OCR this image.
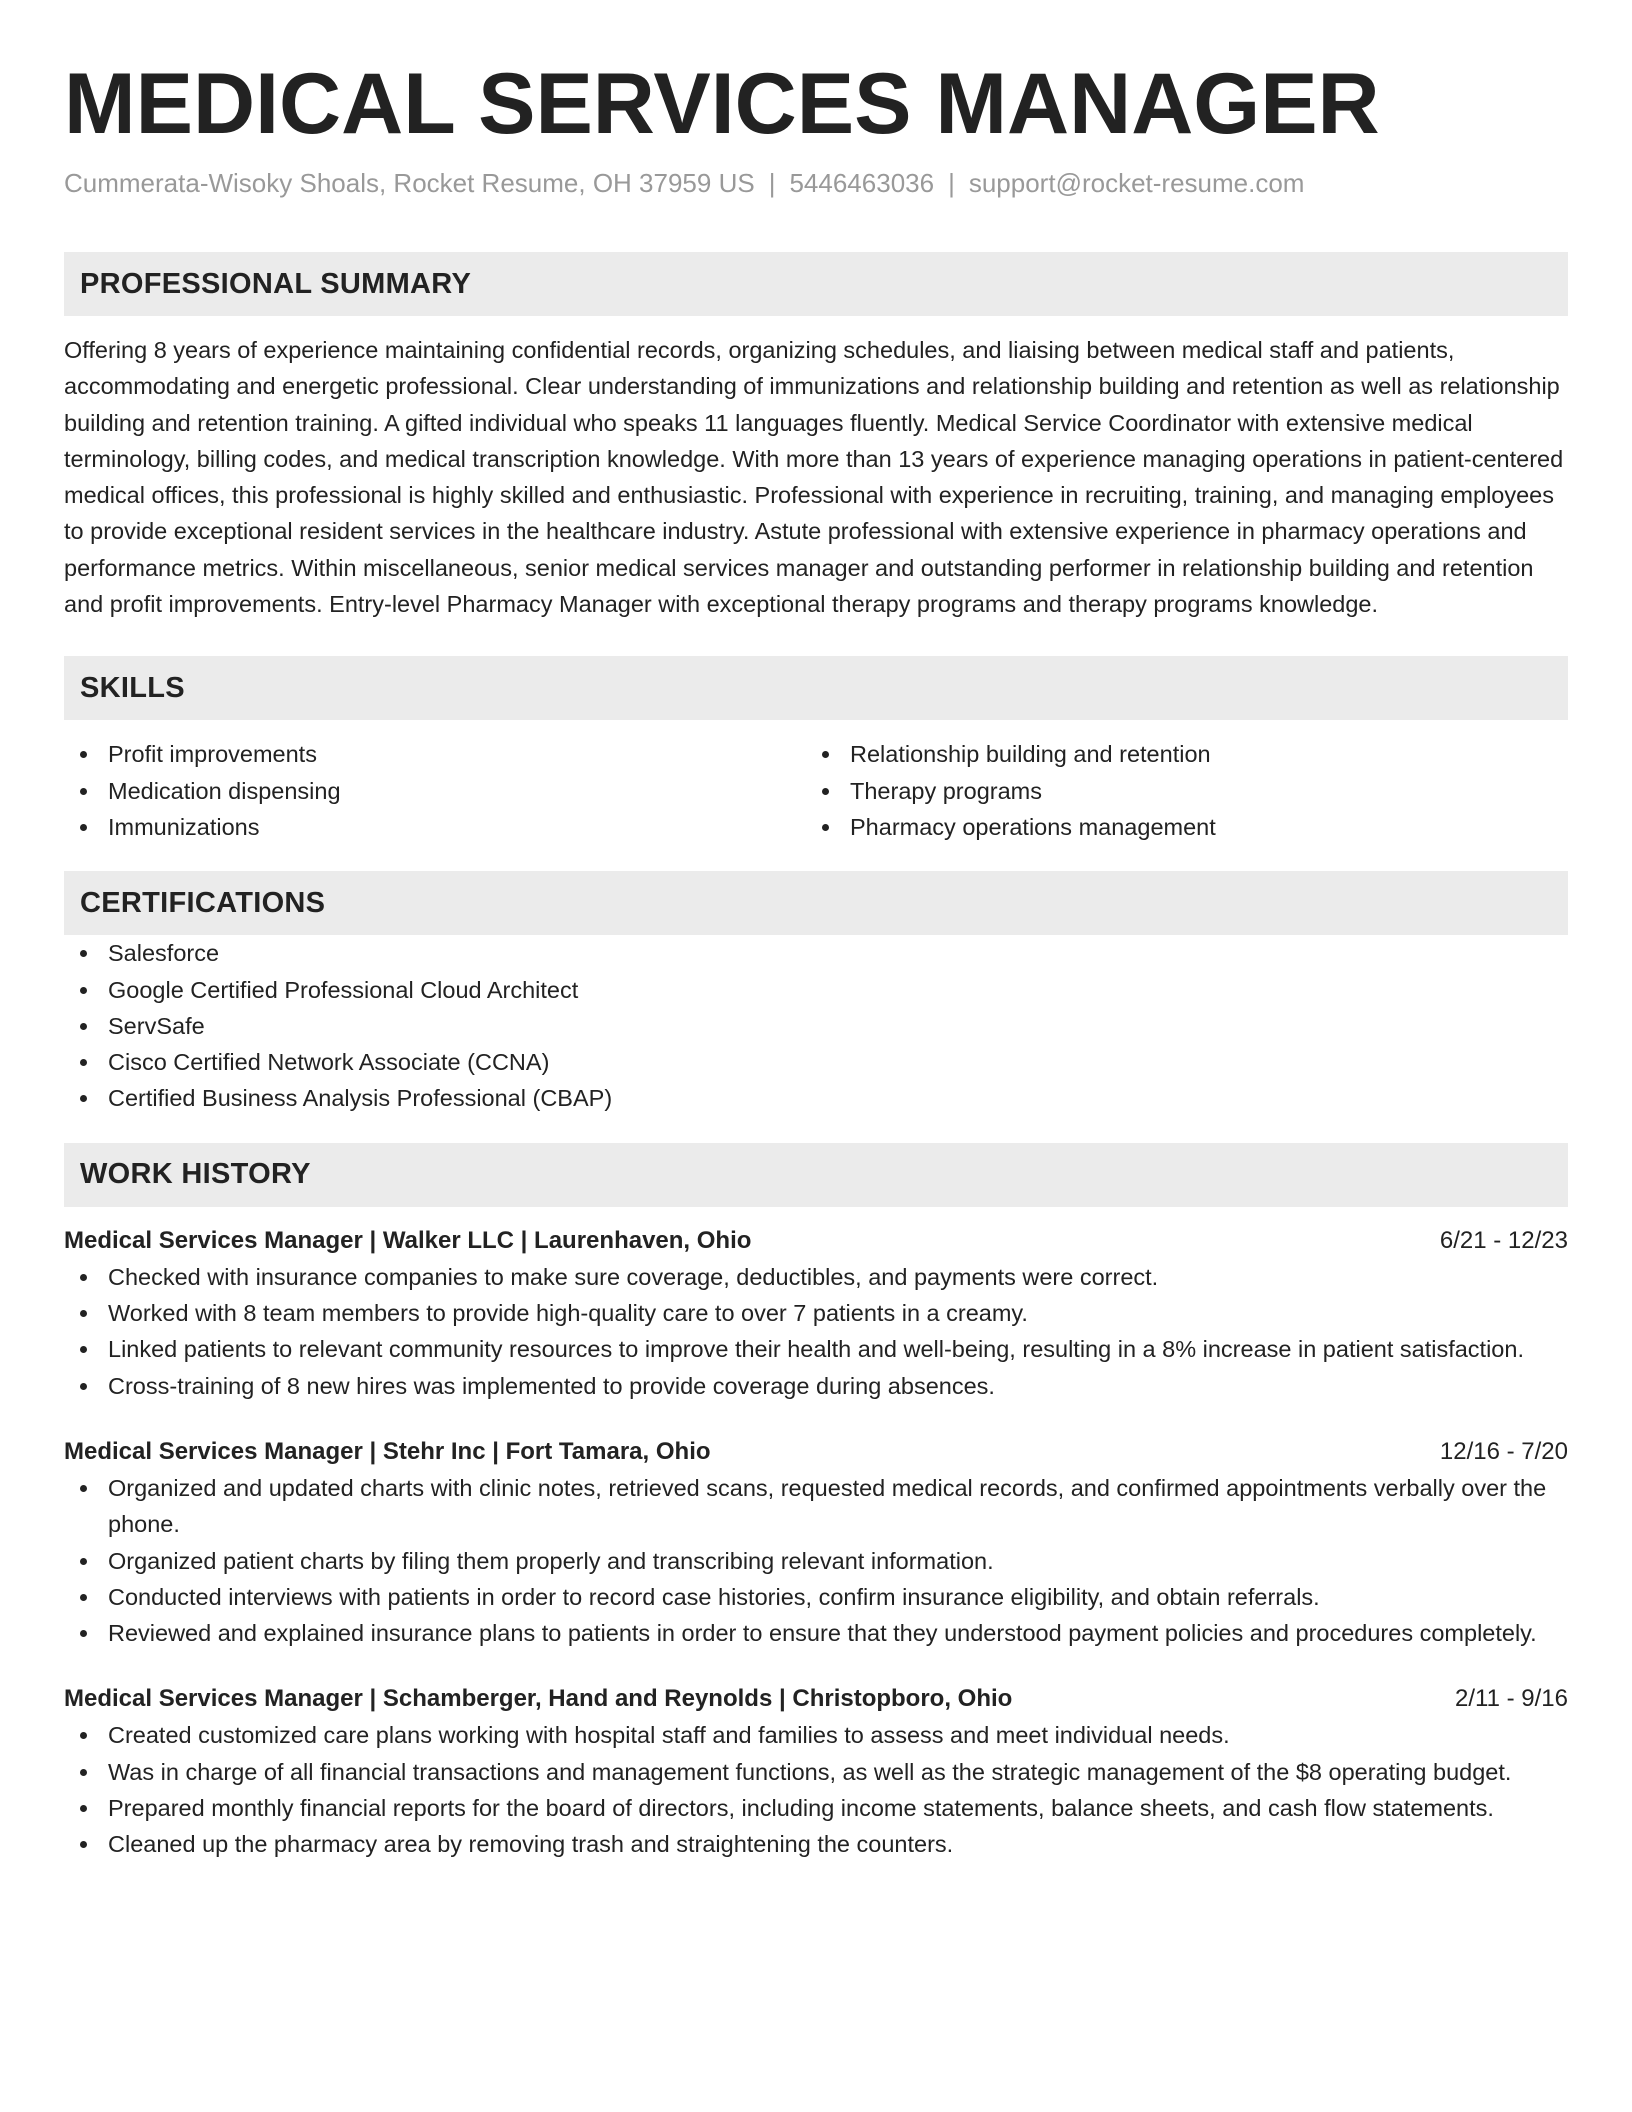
MEDICAL SERVICES MANAGER
Cummerata-Wisoky Shoals, Rocket Resume, OH 37959 US | 5446463036 | support@rocket-resume.com
PROFESSIONAL SUMMARY
Offering 8 years of experience maintaining confidential records, organizing schedules, and liaising between medical staff and patients, accommodating and energetic professional. Clear understanding of immunizations and relationship building and retention as well as relationship building and retention training. A gifted individual who speaks 11 languages fluently. Medical Service Coordinator with extensive medical terminology, billing codes, and medical transcription knowledge. With more than 13 years of experience managing operations in patient-centered medical offices, this professional is highly skilled and enthusiastic. Professional with experience in recruiting, training, and managing employees to provide exceptional resident services in the healthcare industry. Astute professional with extensive experience in pharmacy operations and performance metrics. Within miscellaneous, senior medical services manager and outstanding performer in relationship building and retention and profit improvements. Entry-level Pharmacy Manager with exceptional therapy programs and therapy programs knowledge.
SKILLS
Profit improvements
Medication dispensing
Immunizations
Relationship building and retention
Therapy programs
Pharmacy operations management
CERTIFICATIONS
Salesforce
Google Certified Professional Cloud Architect
ServSafe
Cisco Certified Network Associate (CCNA)
Certified Business Analysis Professional (CBAP)
WORK HISTORY
Medical Services Manager | Walker LLC | Laurenhaven, Ohio	6/21 - 12/23
Checked with insurance companies to make sure coverage, deductibles, and payments were correct.
Worked with 8 team members to provide high-quality care to over 7 patients in a creamy.
Linked patients to relevant community resources to improve their health and well-being, resulting in a 8% increase in patient satisfaction.
Cross-training of 8 new hires was implemented to provide coverage during absences.
Medical Services Manager | Stehr Inc | Fort Tamara, Ohio	12/16 - 7/20
Organized and updated charts with clinic notes, retrieved scans, requested medical records, and confirmed appointments verbally over the phone.
Organized patient charts by filing them properly and transcribing relevant information.
Conducted interviews with patients in order to record case histories, confirm insurance eligibility, and obtain referrals.
Reviewed and explained insurance plans to patients in order to ensure that they understood payment policies and procedures completely.
Medical Services Manager | Schamberger, Hand and Reynolds | Christopboro, Ohio	2/11 - 9/16
Created customized care plans working with hospital staff and families to assess and meet individual needs.
Was in charge of all financial transactions and management functions, as well as the strategic management of the $8 operating budget.
Prepared monthly financial reports for the board of directors, including income statements, balance sheets, and cash flow statements.
Cleaned up the pharmacy area by removing trash and straightening the counters.
